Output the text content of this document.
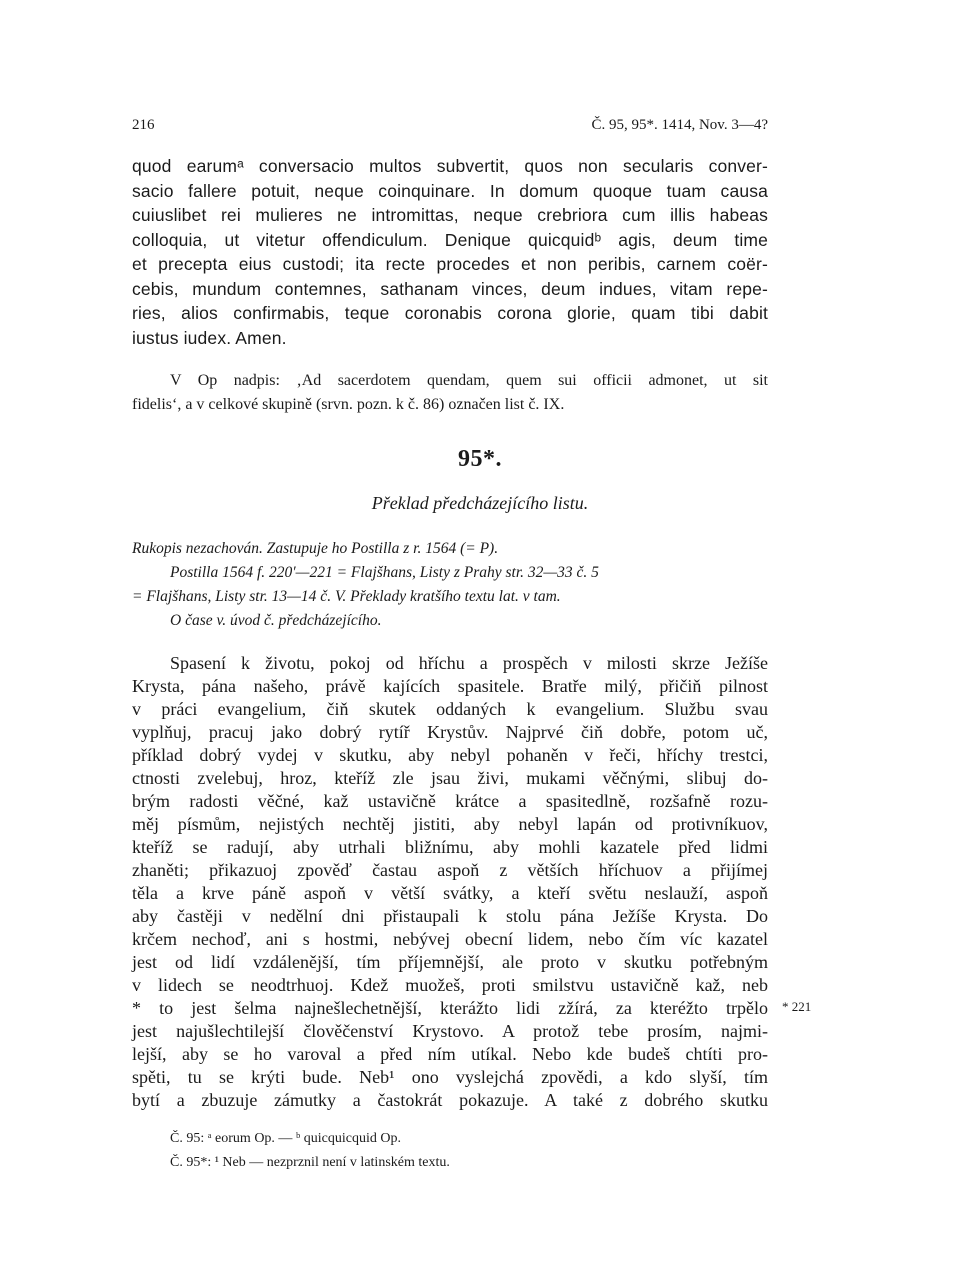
216	Č. 95, 95*. 1414, Nov. 3—4?
quod earumᵃ conversacio multos subvertit, quos non secularis conver-
sacio fallere potuit, neque coinquinare. In domum quoque tuam causa
cuiuslibet rei mulieres ne intromittas, neque crebriora cum illis habeas
colloquia, ut vitetur offendiculum. Denique quicquidᵇ agis, deum time
et precepta eius custodi; ita recte procedes et non peribis, carnem coër-
cebis, mundum contemnes, sathanam vinces, deum indues, vitam repe-
ries, alios confirmabis, teque coronabis corona glorie, quam tibi dabit
iustus iudex. Amen.
V Op nadpis: ‚Ad sacerdotem quendam, quem sui officii admonet, ut sit
fidelis‘, a v celkové skupině (srvn. pozn. k č. 86) označen list č. IX.
95*.
Překlad předcházejícího listu.
Rukopis nezachován. Zastupuje ho Postilla z r. 1564 (= P).
Postilla 1564 f. 220′—221 = Flajšhans, Listy z Prahy str. 32—33 č. 5
= Flajšhans, Listy str. 13—14 č. V. Překlady kratšího textu lat. v tam.
O čase v. úvod č. předcházejícího.
Spasení k životu, pokoj od hříchu a prospěch v milosti skrze Ježíše
Krysta, pána našeho, právě kajících spasitele. Bratře milý, přičiň pilnost
v práci evangelium, čiň skutek oddaných k evangelium. Službu svau
vyplňuj, pracuj jako dobrý rytíř Krystův. Najprvé čiň dobře, potom uč,
příklad dobrý vydej v skutku, aby nebyl pohaněn v řeči, hříchy trestci,
ctnosti zvelebuj, hroz, kteříž zle jsau živi, mukami věčnými, slibuj do-
brým radosti věčné, kaž ustavičně krátce a spasitedlně, rozšafně rozu-
měj písmům, nejistých nechtěj jistiti, aby nebyl lapán od protivníkuov,
kteříž se radují, aby utrhali bližnímu, aby mohli kazatele před lidmi
zhaněti; přikazuoj zpověď častau aspoň z větších hříchuov a přijímej
těla a krve páně aspoň v větší svátky, a kteří světu neslauží, aspoň
aby častěji v nedělní dni přistaupali k stolu pána Ježíše Krysta. Do
krčem nechoď, ani s hostmi, nebývej obecní lidem, nebo čím víc kazatel
jest od lidí vzdálenější, tím příjemnější, ale proto v skutku potřebným
v lidech se neodtrhuoj. Kdež muožeš, proti smilstvu ustavičně kaž, neb
* to jest šelma najnešlechetnější, kterážto lidi zžírá, za kteréžto trpělo
jest najušlechtilejší člověčenství Krystovo. A protož tebe prosím, najmi-
lejší, aby se ho varoval a před ním utíkal. Nebo kde budeš chtíti pro-
spěti, tu se krýti bude. Neb¹ ono vyslejchá zpovědi, a kdo slyší, tím
bytí a zbuzuje zámutky a častokrát pokazuje. A také z dobrého skutku
* 221
Č. 95: ᵃ eorum Op. — ᵇ quicquicquid Op.
Č. 95*: ¹ Neb — nezprznil není v latinském textu.
